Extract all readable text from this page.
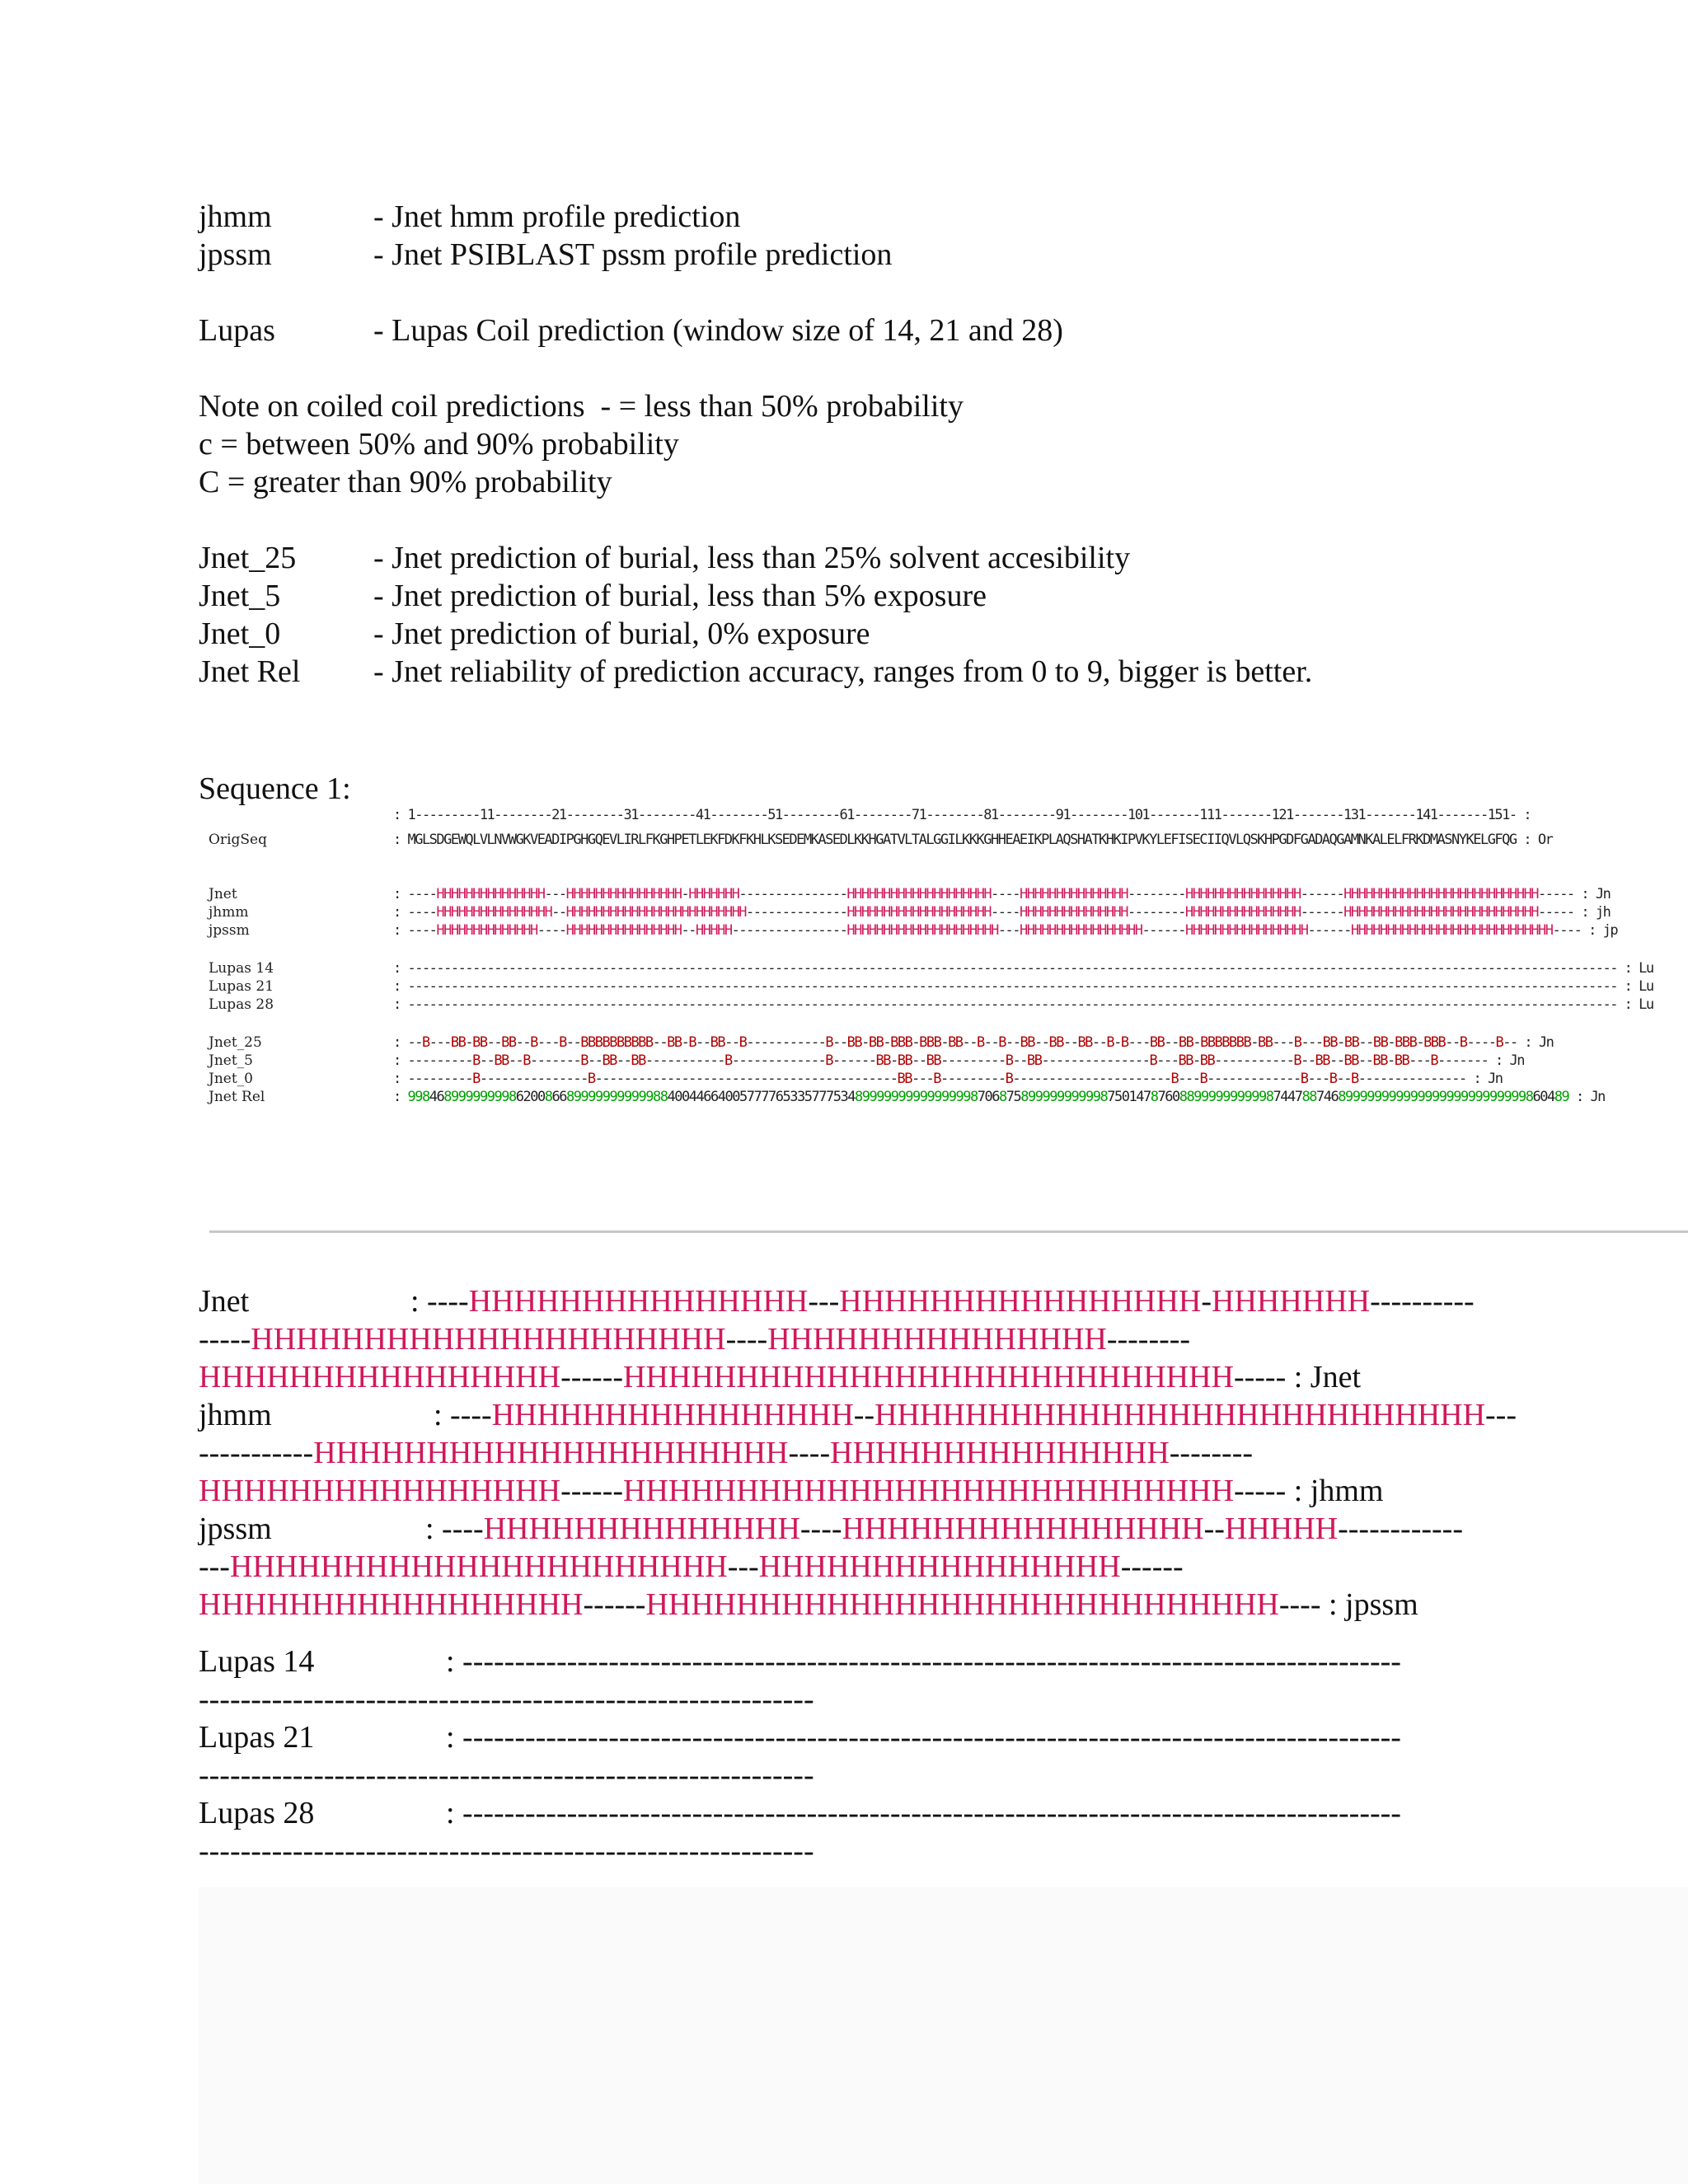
jhmm	- Jnet hmm profile prediction
jpssm	- Jnet PSIBLAST pssm profile prediction
Lupas	- Lupas Coil prediction (window size of 14, 21 and 28)
Note on coiled coil predictions  - = less than 50% probability
c = between 50% and 90% probability
C = greater than 90% probability
Jnet_25	- Jnet prediction of burial, less than 25% solvent accesibility
Jnet_5	- Jnet prediction of burial, less than 5% exposure
Jnet_0	- Jnet prediction of burial, 0% exposure
Jnet Rel	- Jnet reliability of prediction accuracy, ranges from 0 to 9, bigger is better.
Sequence 1:
: 1---------11--------21--------31--------41--------51--------61--------71--------81--------91--------101-------111-------121-------131-------141-------151- :
OrigSeq	: MGLSDGEWQLVLNVWGKVEADIPGHGQEVLIRLFKGHPETLEKFDKFKHLKSEDEMKASEDLKKHGATVLTALGGILKKKGHHEAEIKPLAQSHATKHKIPVKYLEFISECIIQVLQSKHPGDFGADAQGAMNKALELFRKDMASNYKELGFQG : Or
Jnet	: ----HHHHHHHHHHHHHHH---HHHHHHHHHHHHHHHH-HHHHHHH---------------HHHHHHHHHHHHHHHHHHHH----HHHHHHHHHHHHHHH--------HHHHHHHHHHHHHHHH------HHHHHHHHHHHHHHHHHHHHHHHHHHH----- : Jn
jhmm	: ----HHHHHHHHHHHHHHHH--HHHHHHHHHHHHHHHHHHHHHHHHH--------------HHHHHHHHHHHHHHHHHHHH----HHHHHHHHHHHHHHH--------HHHHHHHHHHHHHHHH------HHHHHHHHHHHHHHHHHHHHHHHHHHH----- : jh
jpssm	: ----HHHHHHHHHHHHHH----HHHHHHHHHHHHHHHH--HHHHH----------------HHHHHHHHHHHHHHHHHHHHH---HHHHHHHHHHHHHHHHH------HHHHHHHHHHHHHHHHH------HHHHHHHHHHHHHHHHHHHHHHHHHHHH---- : jp
Lupas 14	: ------------------------------------------------------------------------------------------------------------------------------------------------------------------------ : Lu
Lupas 21	: ------------------------------------------------------------------------------------------------------------------------------------------------------------------------ : Lu
Lupas 28	: ------------------------------------------------------------------------------------------------------------------------------------------------------------------------ : Lu
Jnet_25	: --B---BB-BB--BB--B---B--BBBBBBBBBB--BB-B--BB--B-----------B--BB-BB-BBB-BBB-BB--B--B--BB--BB--BB--B-B---BB--BB-BBBBBBB-BB---B---BB-BB--BB-BBB-BBB--B----B-- : Jn
Jnet_5	: ---------B--BB--B-------B--BB--BB-----------B-------------B------BB-BB--BB---------B--BB---------------B---BB-BB-----------B--BB--BB--BB-BB---B------- : Jn
Jnet_0	: ---------B---------------B------------------------------------------BB---B---------B----------------------B---B-------------B---B--B--------------- : Jn
Jnet Rel	: 99846899999999862008668999999999998840044664005777765335777534899999999999999987068758999999999987501478760889999999999874478874689999999999999999999999999860489 : Jn
Jnet	: ----HHHHHHHHHHHHHHH---HHHHHHHHHHHHHHHH-HHHHHHH----------
-----HHHHHHHHHHHHHHHHHHHHH----HHHHHHHHHHHHHHH--------
HHHHHHHHHHHHHHHH------HHHHHHHHHHHHHHHHHHHHHHHHHHH----- : Jnet
jhmm	: ----HHHHHHHHHHHHHHHH--HHHHHHHHHHHHHHHHHHHHHHHHHHH---
-----------HHHHHHHHHHHHHHHHHHHHH----HHHHHHHHHHHHHHH--------
HHHHHHHHHHHHHHHH------HHHHHHHHHHHHHHHHHHHHHHHHHHH----- : jhmm
jpssm	: ----HHHHHHHHHHHHHH----HHHHHHHHHHHHHHHH--HHHHH------------
---HHHHHHHHHHHHHHHHHHHHHH---HHHHHHHHHHHHHHHH------
HHHHHHHHHHHHHHHHH------HHHHHHHHHHHHHHHHHHHHHHHHHHHH---- : jpssm
Lupas 14	: ------------------------------------------------------------------------------------------
-----------------------------------------------------------
Lupas 21	: ------------------------------------------------------------------------------------------
-----------------------------------------------------------
Lupas 28	: ------------------------------------------------------------------------------------------
-----------------------------------------------------------
